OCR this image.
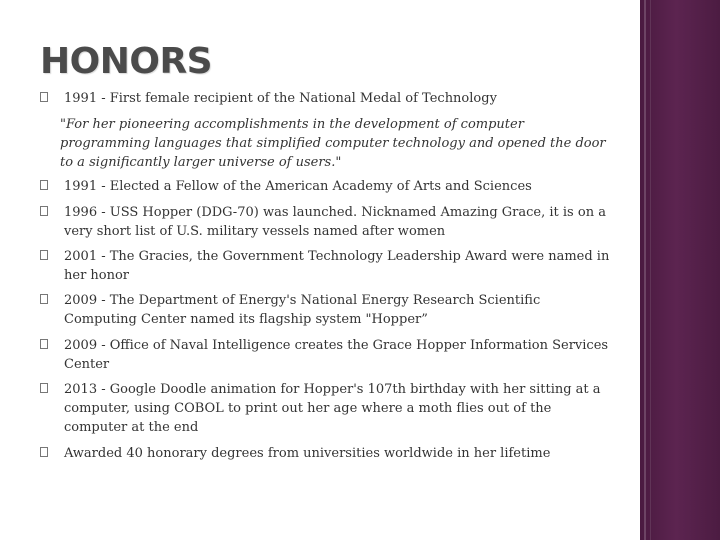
HONORS
1991 - First female recipient of the National Medal of Technology
"For her pioneering accomplishments in the development of computer programming languages that simplified computer technology and opened the door to a significantly larger universe of users."
1991 - Elected a Fellow of the American Academy of Arts and Sciences
1996 - USS Hopper (DDG-70) was launched. Nicknamed Amazing Grace, it is on a very short list of U.S. military vessels named after women
2001 - The Gracies, the Government Technology Leadership Award were named in her honor
2009 - The Department of Energy's National Energy Research Scientific Computing Center named its flagship system "Hopper”
2009 - Office of Naval Intelligence creates the Grace Hopper Information Services Center
2013 - Google Doodle animation for Hopper's 107th birthday with her sitting at a computer, using COBOL to print out her age where a moth flies out of the computer at the end
Awarded 40 honorary degrees from universities worldwide in her lifetime
